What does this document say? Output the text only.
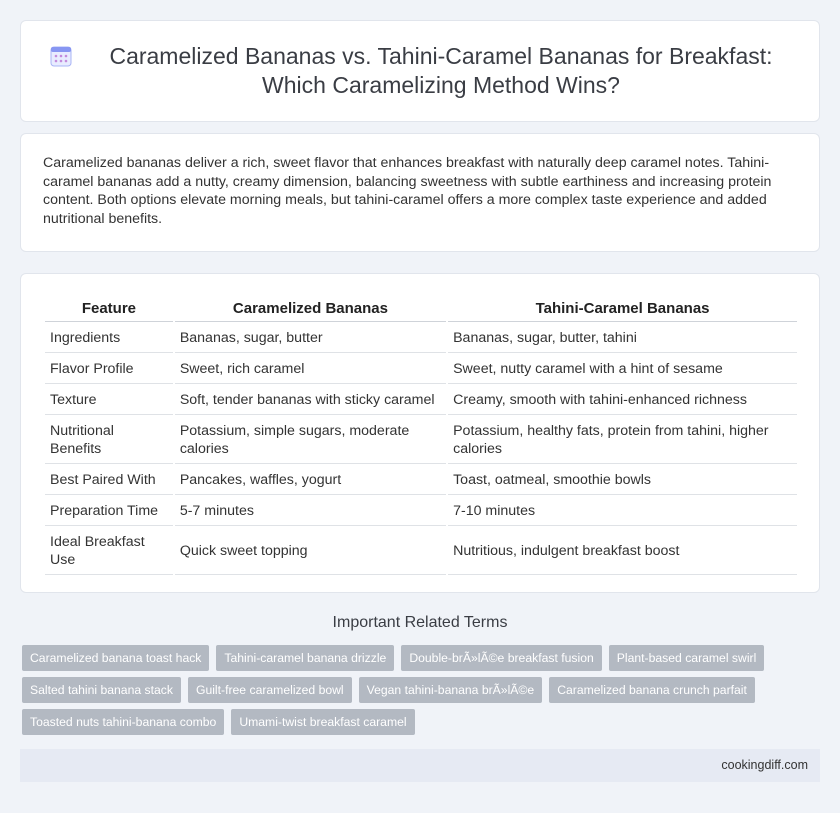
Caramelized Bananas vs. Tahini-Caramel Bananas for Breakfast: Which Caramelizing Method Wins?

Caramelized bananas deliver a rich, sweet flavor that enhances breakfast with naturally deep caramel notes. Tahini-caramel bananas add a nutty, creamy dimension, balancing sweetness with subtle earthiness and increasing protein content. Both options elevate morning meals, but tahini-caramel offers a more complex taste experience and added nutritional benefits.

Feature	Caramelized Bananas	Tahini-Caramel Bananas
Ingredients	Bananas, sugar, butter	Bananas, sugar, butter, tahini
Flavor Profile	Sweet, rich caramel	Sweet, nutty caramel with a hint of sesame
Texture	Soft, tender bananas with sticky caramel	Creamy, smooth with tahini-enhanced richness
Nutritional Benefits	Potassium, simple sugars, moderate calories	Potassium, healthy fats, protein from tahini, higher calories
Best Paired With	Pancakes, waffles, yogurt	Toast, oatmeal, smoothie bowls
Preparation Time	5-7 minutes	7-10 minutes
Ideal Breakfast Use	Quick sweet topping	Nutritious, indulgent breakfast boost
Important Related Terms
Caramelized banana toast hack	Tahini-caramel banana drizzle	Double-brÃ»lÃ©e breakfast fusion	Plant-based caramel swirl
Salted tahini banana stack	Guilt-free caramelized bowl	Vegan tahini-banana brÃ»lÃ©e	Caramelized banana crunch parfait
Toasted nuts tahini-banana combo	Umami-twist breakfast caramel
cookingdiff.com
